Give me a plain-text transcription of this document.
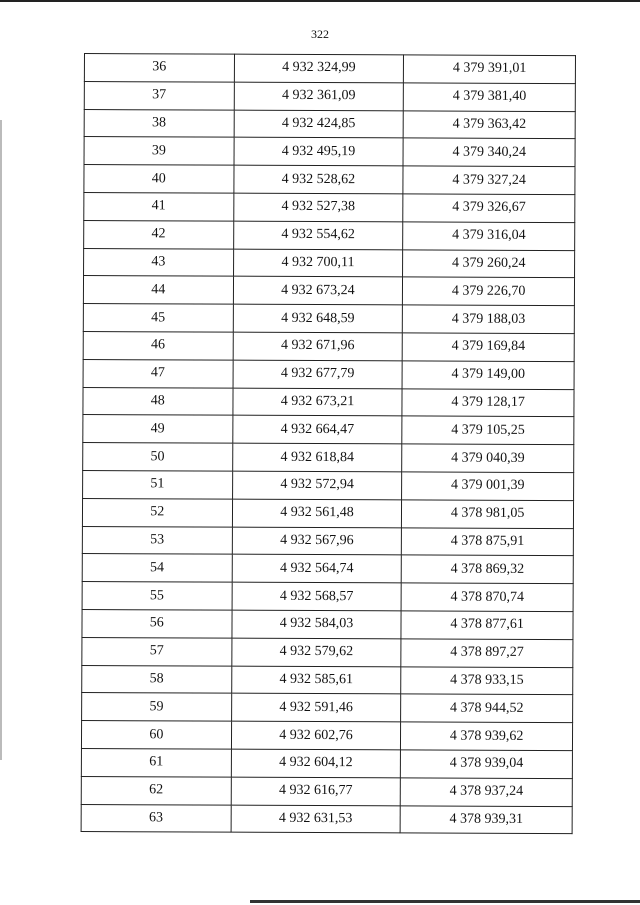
322
36	4 932 324,99	4 379 391,01
37	4 932 361,09	4 379 381,40
38	4 932 424,85	4 379 363,42
39	4 932 495,19	4 379 340,24
40	4 932 528,62	4 379 327,24
41	4 932 527,38	4 379 326,67
42	4 932 554,62	4 379 316,04
43	4 932 700,11	4 379 260,24
44	4 932 673,24	4 379 226,70
45	4 932 648,59	4 379 188,03
46	4 932 671,96	4 379 169,84
47	4 932 677,79	4 379 149,00
48	4 932 673,21	4 379 128,17
49	4 932 664,47	4 379 105,25
50	4 932 618,84	4 379 040,39
51	4 932 572,94	4 379 001,39
52	4 932 561,48	4 378 981,05
53	4 932 567,96	4 378 875,91
54	4 932 564,74	4 378 869,32
55	4 932 568,57	4 378 870,74
56	4 932 584,03	4 378 877,61
57	4 932 579,62	4 378 897,27
58	4 932 585,61	4 378 933,15
59	4 932 591,46	4 378 944,52
60	4 932 602,76	4 378 939,62
61	4 932 604,12	4 378 939,04
62	4 932 616,77	4 378 937,24
63	4 932 631,53	4 378 939,31
